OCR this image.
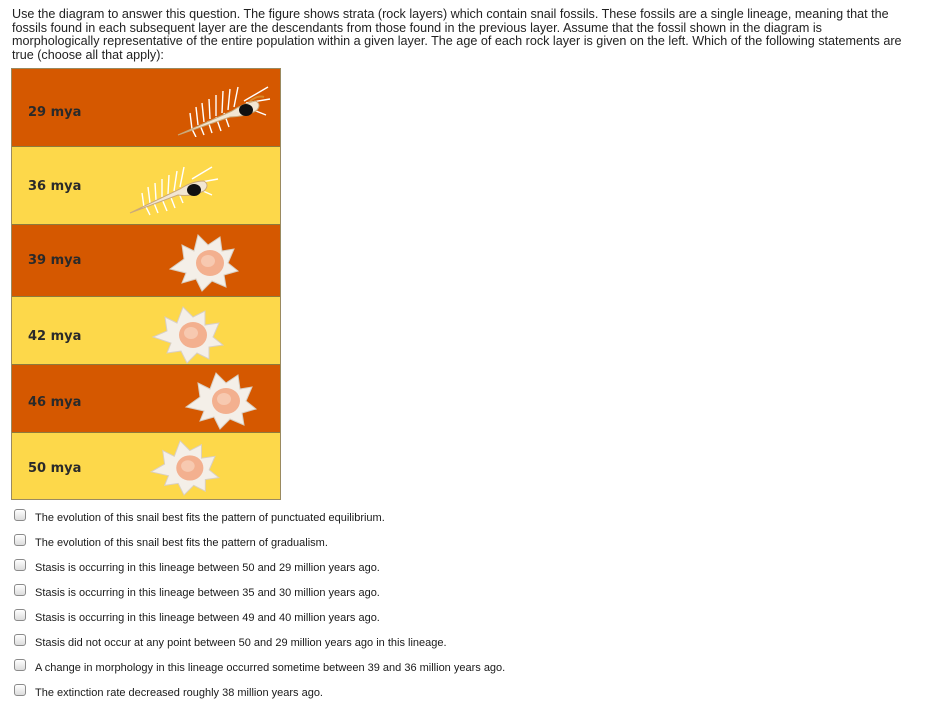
Use the diagram to answer this question. The figure shows strata (rock layers) which contain snail fossils. These fossils are a single lineage, meaning that the fossils found in each subsequent layer are the descendants from those found in the previous layer. Assume that the fossil shown in the diagram is morphologically representative of the entire population within a given layer. The age of each rock layer is given on the left. Which of the following statements are true (choose all that apply):
29 mya
36 mya
39 mya
42 mya
46 mya
50 mya
The evolution of this snail best fits the pattern of punctuated equilibrium.
The evolution of this snail best fits the pattern of gradualism.
Stasis is occurring in this lineage between 50 and 29 million years ago.
Stasis is occurring in this lineage between 35 and 30 million years ago.
Stasis is occurring in this lineage between 49 and 40 million years ago.
Stasis did not occur at any point between 50 and 29 million years ago in this lineage.
A change in morphology in this lineage occurred sometime between 39 and 36 million years ago.
The extinction rate decreased roughly 38 million years ago.
